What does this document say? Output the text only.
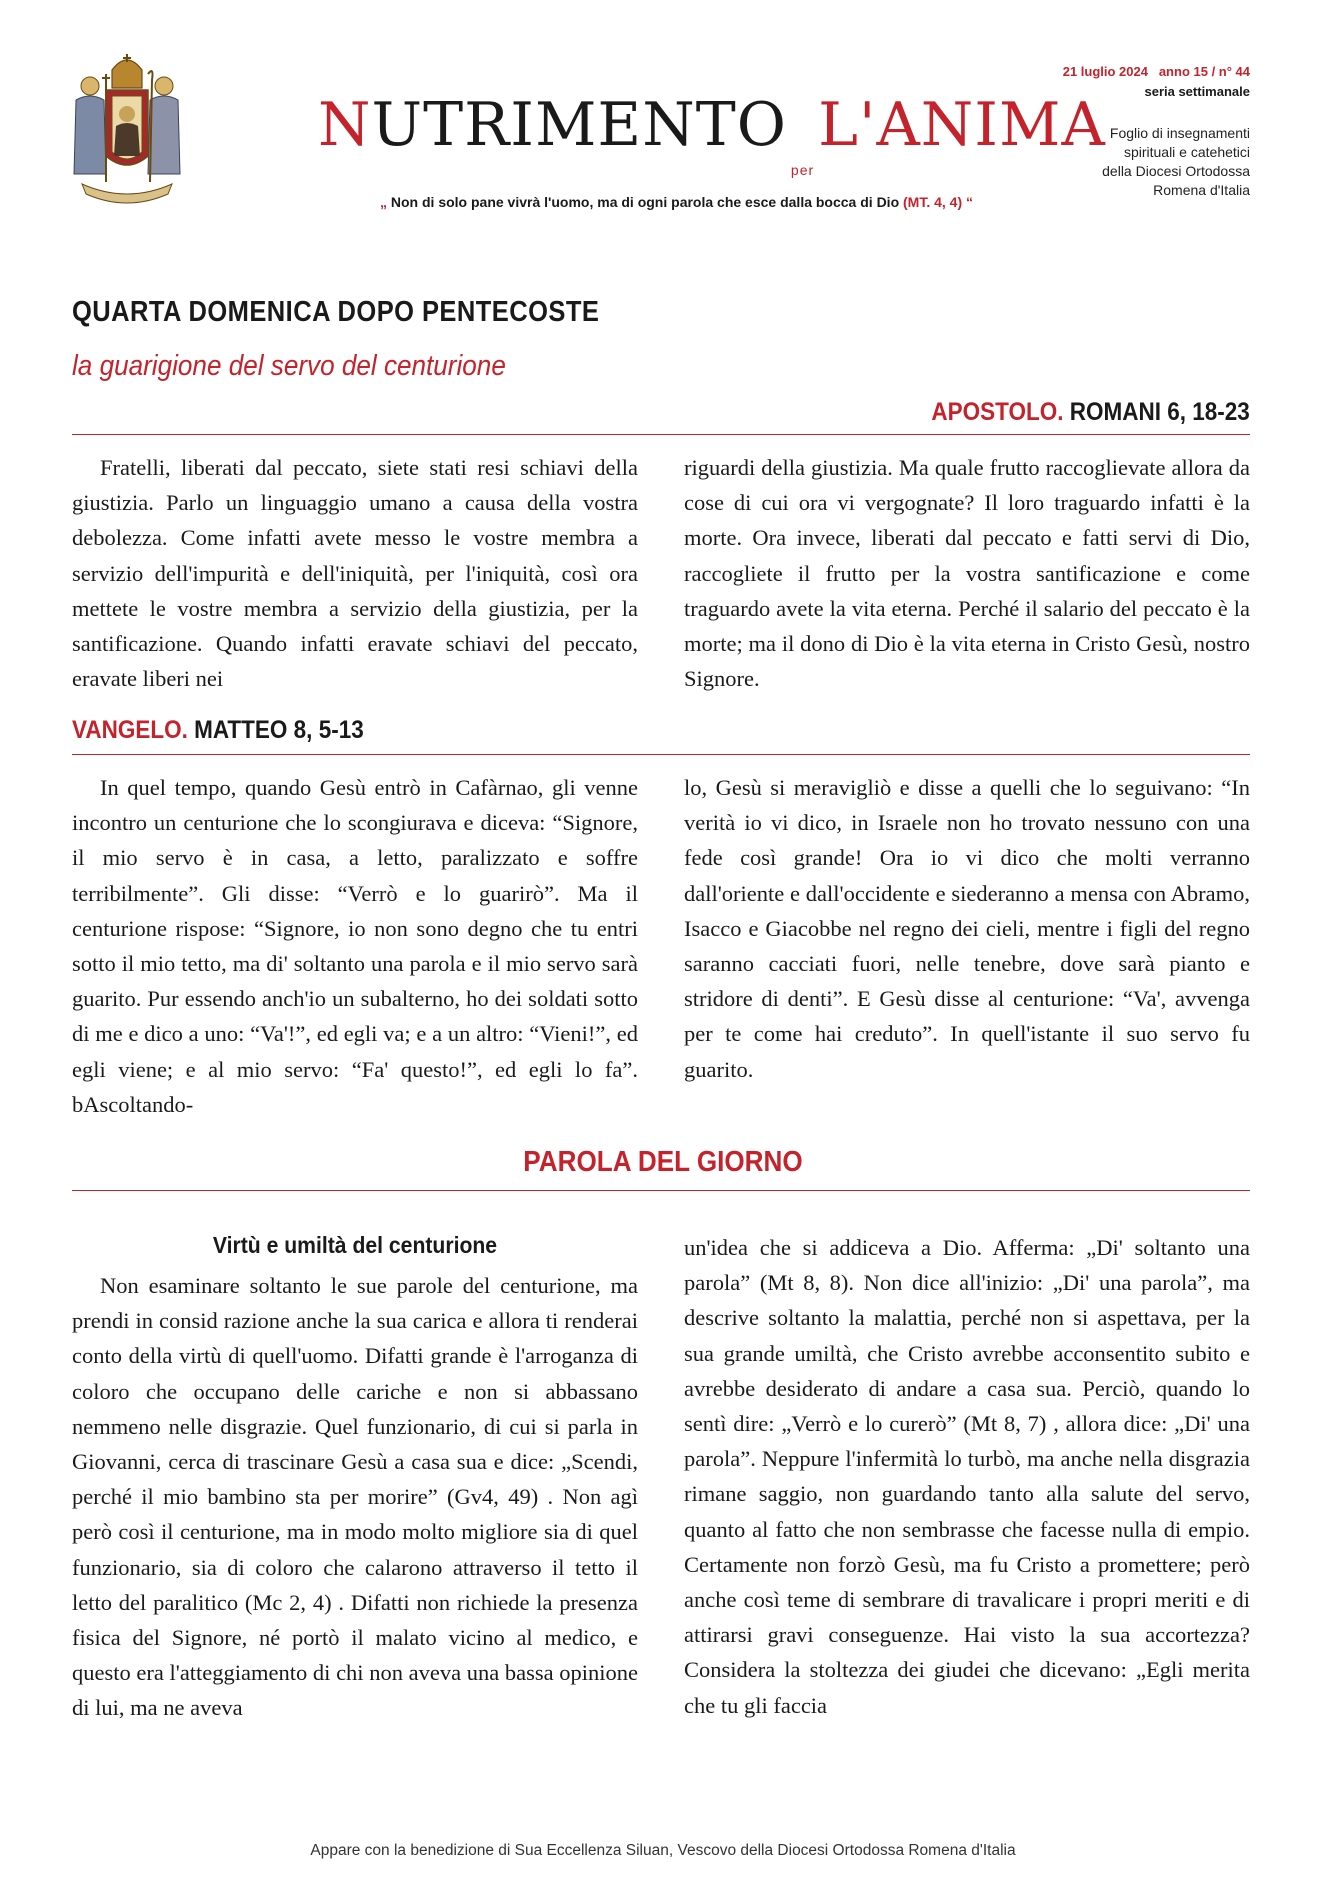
$NUTRIMENTO_{per}L'ANIMA$
„ Non di solo pane vivrà l'uomo, ma di ogni parola che esce dalla bocca di Dio (MT. 4, 4) “
21 luglio 2024 anno 15 / n° 44
seria settimanale
Foglio di insegnamenti
spirituali e catehetici
della Diocesi Ortodossa
Romena d'Italia
QUARTA DOMENICA DOPO PENTECOSTE
la guarigione del servo del centurione
APOSTOLO. ROMANI 6, 18-23

Fratelli, liberati dal peccato, siete stati resi schiavi della giustizia. Parlo un linguaggio umano a causa della vostra debolezza. Come infatti avete messo le vostre membra a servizio dell'impurità e dell'iniquità, per l'iniquità, così ora mettete le vostre membra a servizio della giustizia, per la santificazione. Quando infatti eravate schiavi del peccato, eravate liberi nei

riguardi della giustizia. Ma quale frutto raccoglievate allora da cose di cui ora vi vergognate? Il loro traguardo infatti è la morte. Ora invece, liberati dal peccato e fatti servi di Dio, raccogliete il frutto per la vostra santificazione e come traguardo avete la vita eterna. Perché il salario del peccato è la morte; ma il dono di Dio è la vita eterna in Cristo Gesù, nostro Signore.

VANGELO. MATTEO 8, 5-13

In quel tempo, quando Gesù entrò in Cafàrnao, gli venne incontro un centurione che lo scongiurava e diceva: “Signore, il mio servo è in casa, a letto, paralizzato e soffre terribilmente”. Gli disse: “Verrò e lo guarirò”. Ma il centurione rispose: “Signore, io non sono degno che tu entri sotto il mio tetto, ma di' soltanto una parola e il mio servo sarà guarito. Pur essendo anch'io un subalterno, ho dei soldati sotto di me e dico a uno: “Va'!”, ed egli va; e a un altro: “Vieni!”, ed egli viene; e al mio servo: “Fa' questo!”, ed egli lo fa”. bAscoltando-

lo, Gesù si meravigliò e disse a quelli che lo seguivano: “In verità io vi dico, in Israele non ho trovato nessuno con una fede così grande! Ora io vi dico che molti verranno dall'oriente e dall'occidente e siederanno a mensa con Abramo, Isacco e Giacobbe nel regno dei cieli, mentre i figli del regno saranno cacciati fuori, nelle tenebre, dove sarà pianto e stridore di denti”. E Gesù disse al centurione: “Va', avvenga per te come hai creduto”. In quell'istante il suo servo fu guarito.

PAROLA DEL GIORNO
Virtù e umiltà del centurione

Non esaminare soltanto le sue parole del centurione, ma prendi in consid razione anche la sua carica e allora ti renderai conto della virtù di quell'uomo. Difatti grande è l'arroganza di coloro che occupano delle cariche e non si abbassano nemmeno nelle disgrazie. Quel funzionario, di cui si parla in Giovanni, cerca di trascinare Gesù a casa sua e dice: „Scendi, perché il mio bambino sta per morire” (Gv4, 49) . Non agì però così il centurione, ma in modo molto migliore sia di quel funzionario, sia di coloro che calarono attraverso il tetto il letto del paralitico (Mc 2, 4) . Difatti non richiede la presenza fisica del Signore, né portò il malato vicino al medico, e questo era l'atteggiamento di chi non aveva una bassa opinione di lui, ma ne aveva

un'idea che si addiceva a Dio. Afferma: „Di' soltanto una parola” (Mt 8, 8). Non dice all'inizio: „Di' una parola”, ma descrive soltanto la malattia, perché non si aspettava, per la sua grande umiltà, che Cristo avrebbe acconsentito subito e avrebbe desiderato di andare a casa sua. Perciò, quando lo sentì dire: „Verrò e lo curerò” (Mt 8, 7) , allora dice: „Di' una parola”. Neppure l'infermità lo turbò, ma anche nella disgrazia rimane saggio, non guardando tanto alla salute del servo, quanto al fatto che non sembrasse che facesse nulla di empio. Certamente non forzò Gesù, ma fu Cristo a promettere; però anche così teme di sembrare di travalicare i propri meriti e di attirarsi gravi conseguenze. Hai visto la sua accortezza? Considera la stoltezza dei giudei che dicevano: „Egli merita che tu gli faccia

Appare con la benedizione di Sua Eccellenza Siluan, Vescovo della Diocesi Ortodossa Romena d'Italia
